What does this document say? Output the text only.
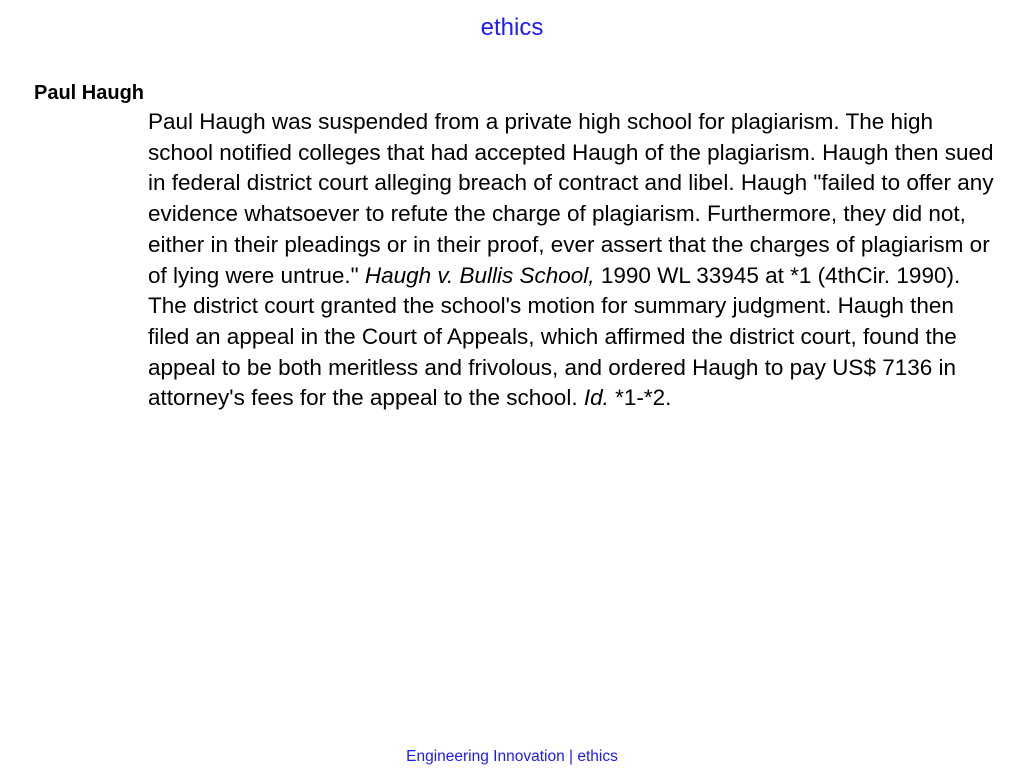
ethics
Paul Haugh
Paul Haugh was suspended from a private high school for plagiarism. The high school notified colleges that had accepted Haugh of the plagiarism. Haugh then sued in federal district court alleging breach of contract and libel. Haugh "failed to offer any evidence whatsoever to refute the charge of plagiarism. Furthermore, they did not, either in their pleadings or in their proof, ever assert that the charges of plagiarism or of lying were untrue." Haugh v. Bullis School, 1990 WL 33945 at *1 (4thCir. 1990). The district court granted the school's motion for summary judgment. Haugh then filed an appeal in the Court of Appeals, which affirmed the district court, found the appeal to be both meritless and frivolous, and ordered Haugh to pay US$ 7136 in attorney's fees for the appeal to the school. Id. *1-*2.
Engineering Innovation | ethics
